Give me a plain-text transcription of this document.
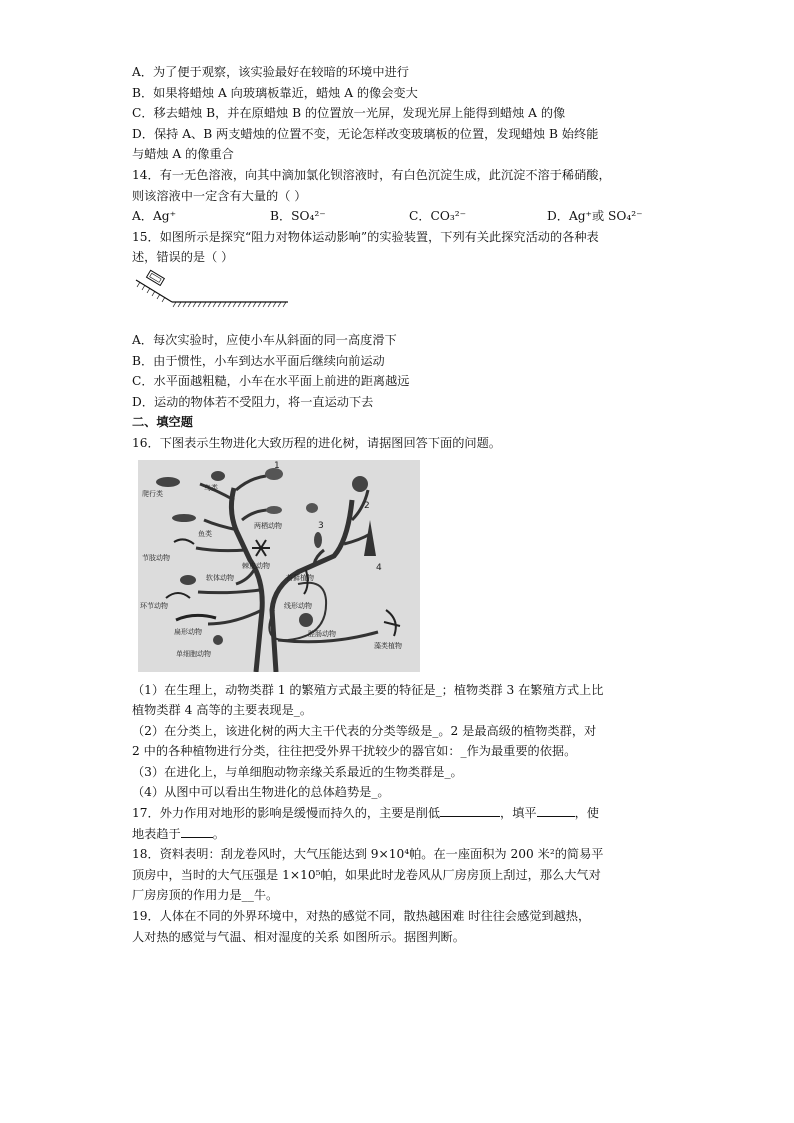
A．为了便于观察，该实验最好在较暗的环境中进行
B．如果将蜡烛 A 向玻璃板靠近，蜡烛 A 的像会变大
C．移去蜡烛 B，并在原蜡烛 B 的位置放一光屏，发现光屏上能得到蜡烛 A 的像
D．保持 A、B 两支蜡烛的位置不变，无论怎样改变玻璃板的位置，发现蜡烛 B 始终能
与蜡烛 A 的像重合
14．有一无色溶液，向其中滴加氯化钡溶液时，有白色沉淀生成，此沉淀不溶于稀硝酸，
则该溶液中一定含有大量的（ ）
A．Ag⁺	B．SO₄²⁻	C．CO₃²⁻	D．Ag⁺或 SO₄²⁻
15．如图所示是探究“阻力对物体运动影响”的实验装置，下列有关此探究活动的各种表
述，错误的是（ ）
A．每次实验时，应使小车从斜面的同一高度滑下
B．由于惯性，小车到达水平面后继续向前运动
C．水平面越粗糙，小车在水平面上前进的距离越远
D．运动的物体若不受阻力，将一直运动下去
二、填空题
16．下图表示生物进化大致历程的进化树，请据图回答下面的问题。
爬行类
鸟类
1
鱼类
两栖动物
2
3
4
节肢动物
棘皮动物
苔藓植物
软体动物
环节动物	线形动物
扁形动物	腔肠动物
单细胞动物
藻类植物
（1）在生理上，动物类群 1 的繁殖方式最主要的特征是_；植物类群 3 在繁殖方式上比
植物类群 4 高等的主要表现是_。
（2）在分类上，该进化树的两大主干代表的分类等级是_。2 是最高级的植物类群，对
2 中的各种植物进行分类，往往把受外界干扰较少的器官如：_作为最重要的依据。
（3）在进化上，与单细胞动物亲缘关系最近的生物类群是_。
（4）从图中可以看出生物进化的总体趋势是_。
17．外力作用对地形的影响是缓慢而持久的，主要是削低	，填平	，使
地表趋于	。
18．资料表明：刮龙卷风时，大气压能达到 9×10⁴帕。在一座面积为 200 米²的简易平
顶房中，当时的大气压强是 1×10⁵帕，如果此时龙卷风从厂房房顶上刮过，那么大气对
厂房房顶的作用力是__牛。
19．人体在不同的外界环境中，对热的感觉不同，散热越困难 时往往会感觉到越热，
人对热的感觉与气温、相对湿度的关系 如图所示。据图判断。
